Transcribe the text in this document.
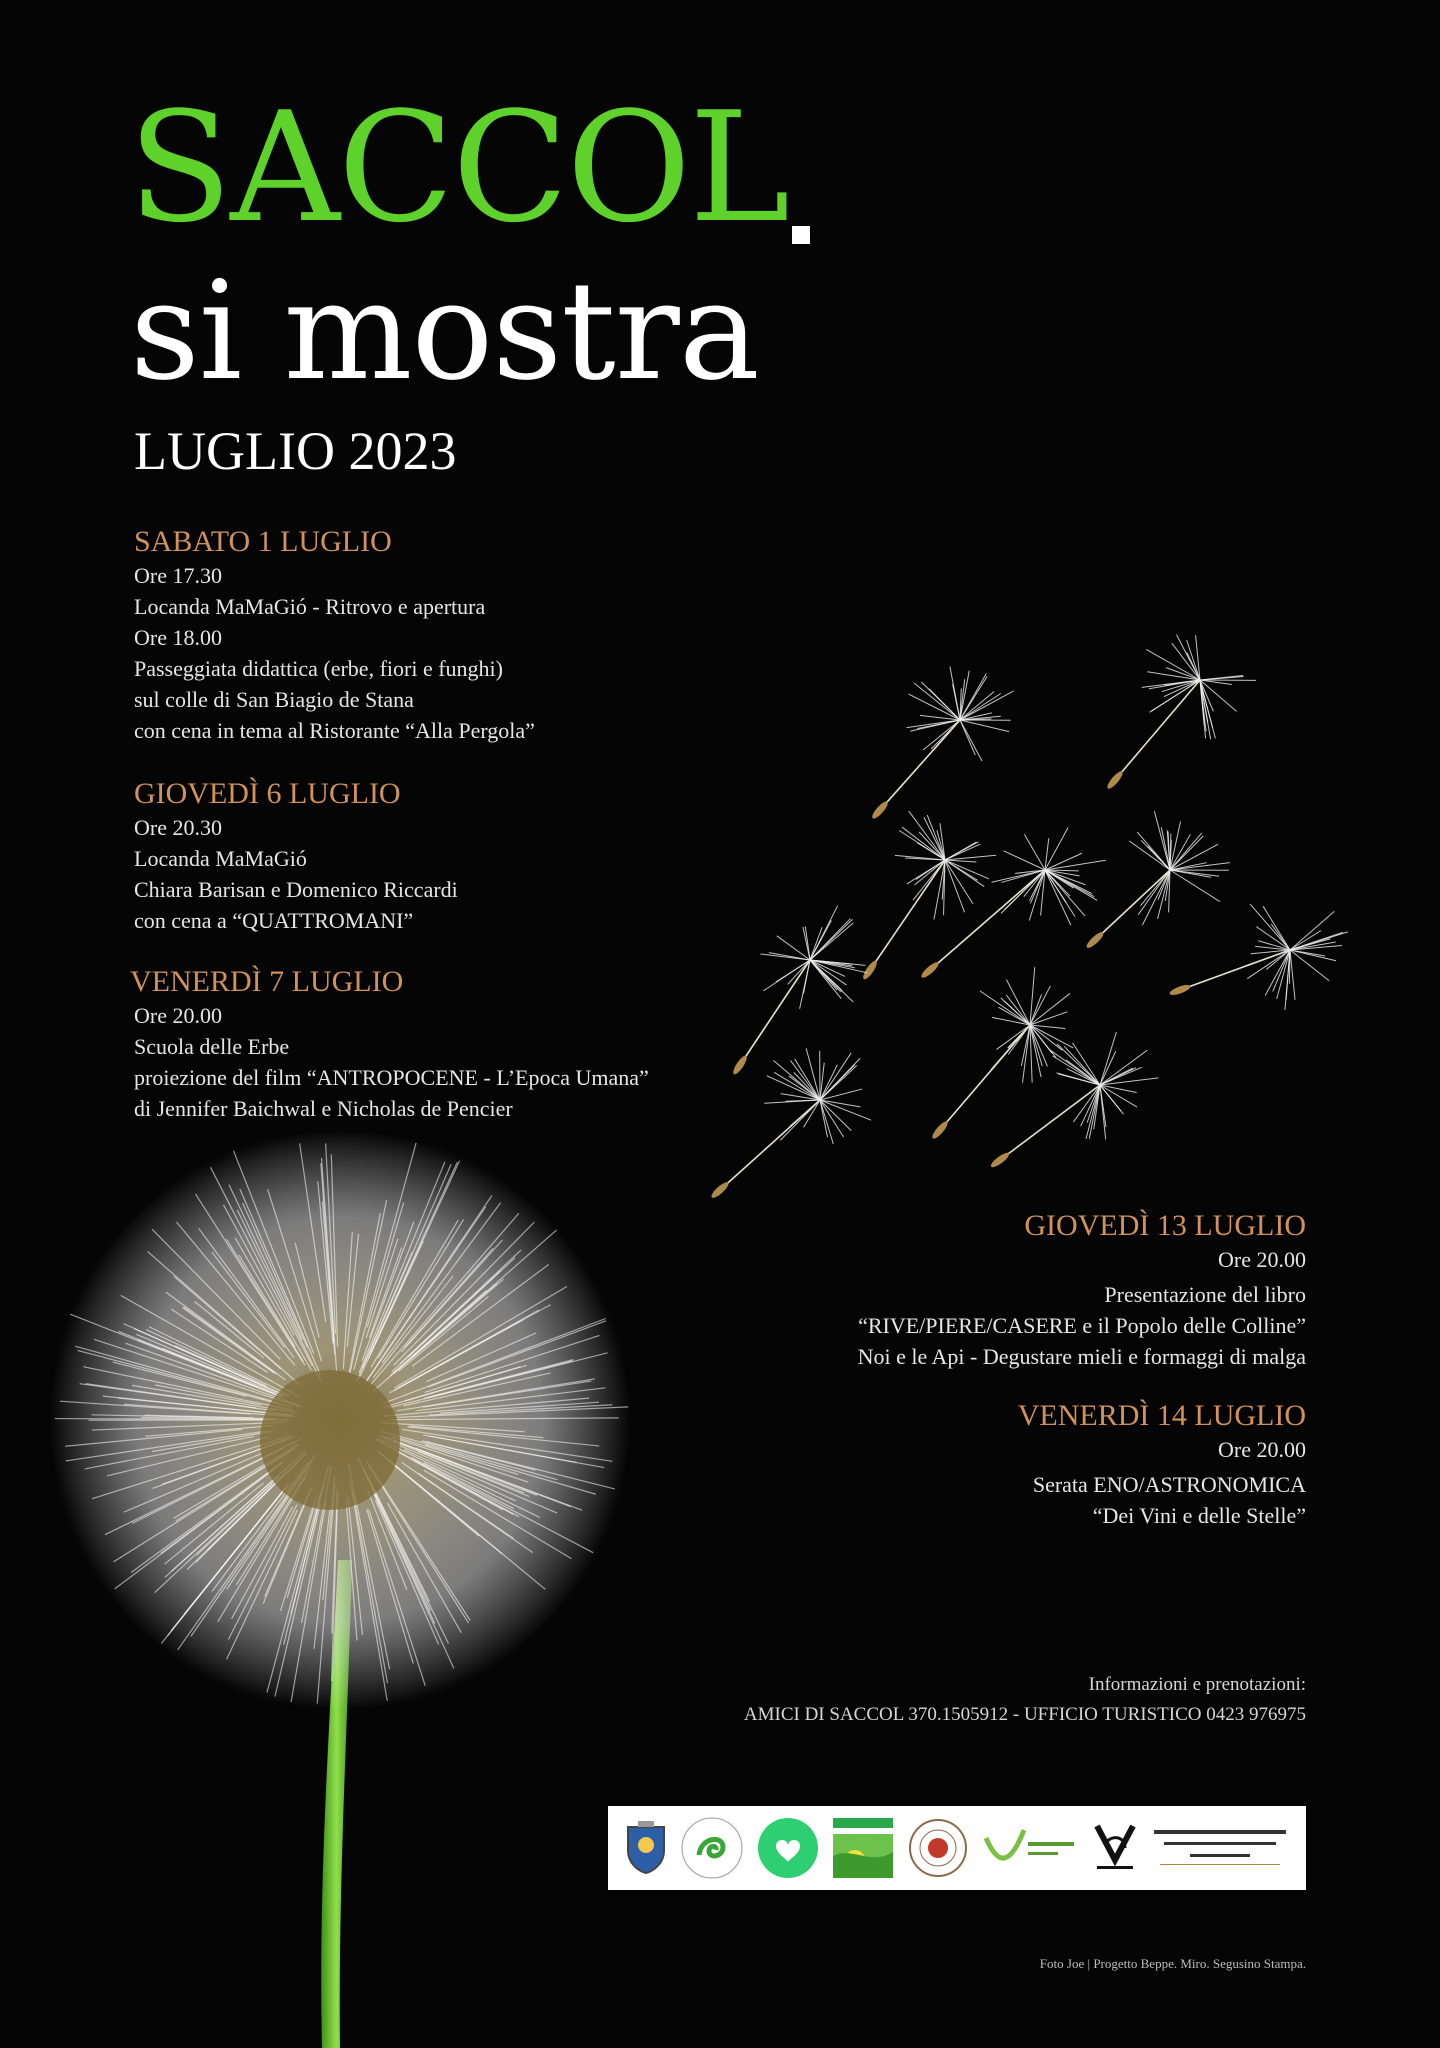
SACCOL
si mostra
LUGLIO 2023
SABATO 1 LUGLIO
Ore 17.30
Locanda MaMaGió - Ritrovo e apertura
Ore 18.00
Passeggiata didattica (erbe, fiori e funghi)
sul colle di San Biagio de Stana
con cena in tema al Ristorante “Alla Pergola”
GIOVEDÌ 6 LUGLIO
Ore 20.30
Locanda MaMaGió
Chiara Barisan e Domenico Riccardi
con cena a “QUATTROMANI”
VENERDÌ 7 LUGLIO
Ore 20.00
Scuola delle Erbe
proiezione del film “ANTROPOCENE - L’Epoca Umana”
di Jennifer Baichwal e Nicholas de Pencier
GIOVEDÌ 13 LUGLIO
Ore 20.00
Presentazione del libro
“RIVE/PIERE/CASERE e il Popolo delle Colline”
Noi e le Api - Degustare mieli e formaggi di malga
VENERDÌ 14 LUGLIO
Ore 20.00
Serata ENO/ASTRONOMICA
“Dei Vini e delle Stelle”
Informazioni e prenotazioni:
AMICI DI SACCOL 370.1505912 - UFFICIO TURISTICO 0423 976975
Foto Joe | Progetto Beppe. Miro. Segusino Stampa.
